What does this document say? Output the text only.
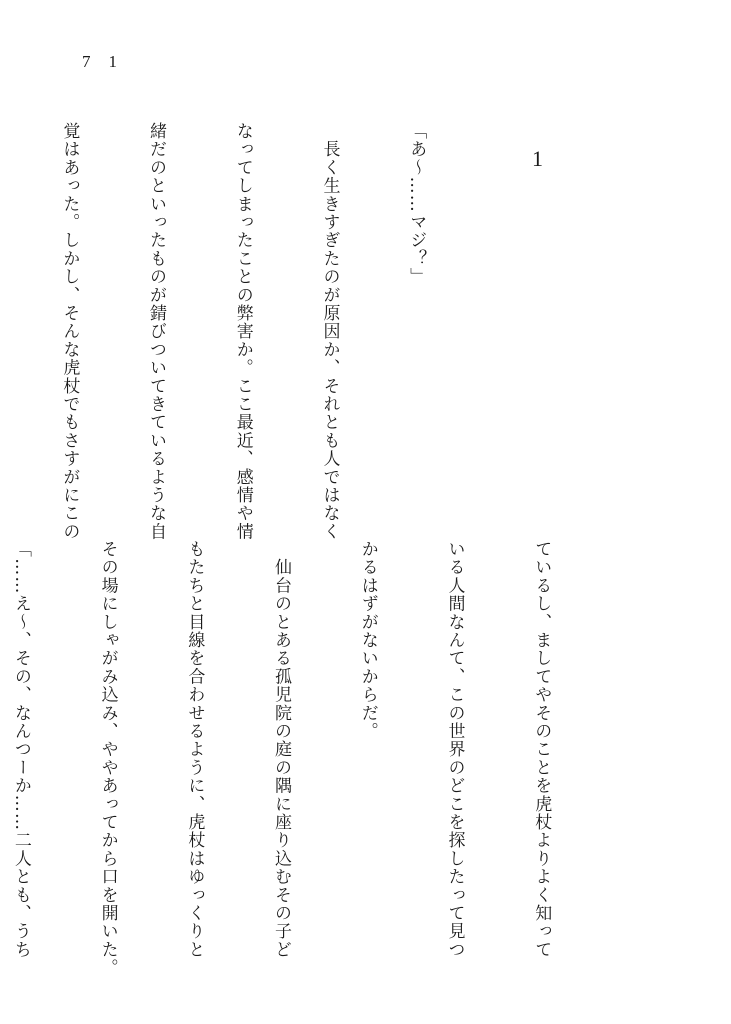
71
1

「あ〜……マジ？」

　長く生きすぎたのが原因か、それとも人ではなく

なってしまったことの弊害か。ここ最近、感情や情

緒だのといったものが錆びついてきているような自

覚はあった。しかし、そんな虎杖でもさすがにこの

ているし、ましてやそのことを虎杖よりよく知って

いる人間なんて、この世界のどこを探したって見つ

かるはずがないからだ。

　仙台のとある孤児院の庭の隅に座り込むその子ど

もたちと目線を合わせるように、虎杖はゆっくりと

その場にしゃがみ込み、ややあってから口を開いた。

「……え〜、その、なんつーか……二人とも、うち
